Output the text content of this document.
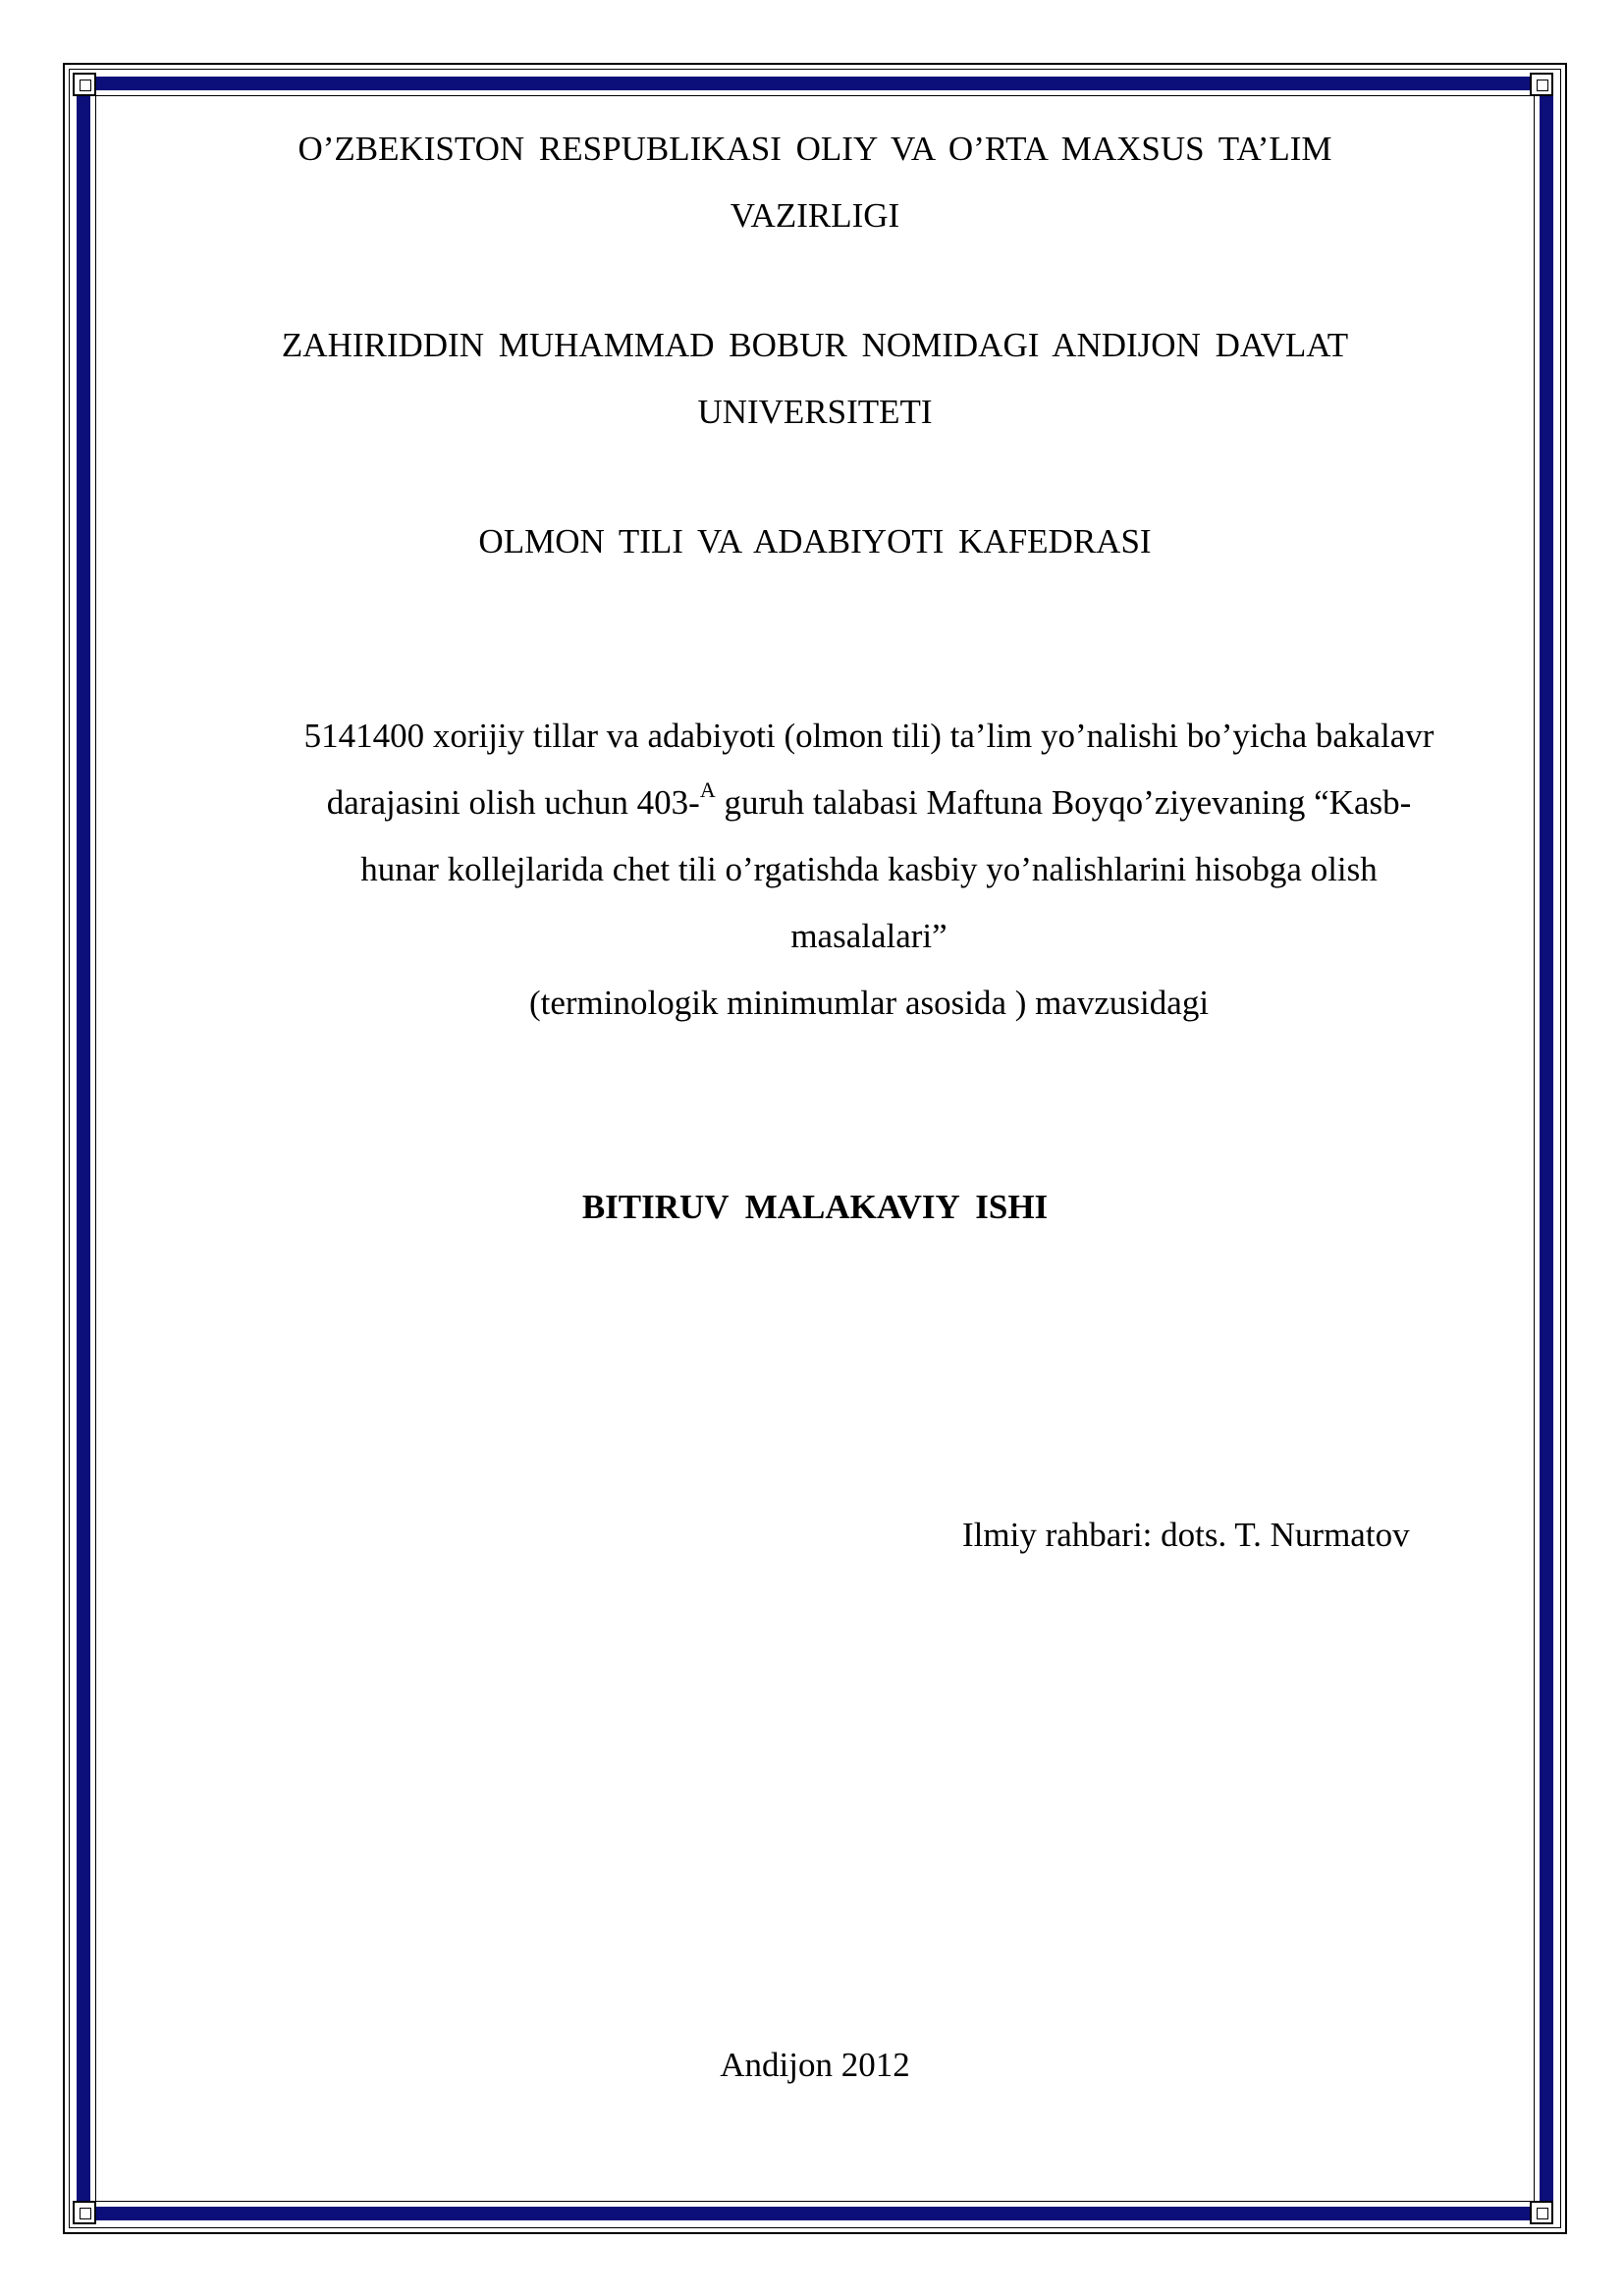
O’ZBEKISTON RESPUBLIKASI OLIY VA O’RTA MAXSUS TA’LIM
VAZIRLIGI
ZAHIRIDDIN MUHAMMAD BOBUR NOMIDAGI ANDIJON DAVLAT
UNIVERSITETI
OLMON TILI VA ADABIYOTI KAFEDRASI
5141400 xorijiy tillar va adabiyoti (olmon tili) ta’lim yo’nalishi bo’yicha bakalavr
darajasini olish uchun 403-$^A$ guruh talabasi Maftuna Boyqo’ziyevaning “Kasb-
hunar kollejlarida chet tili o’rgatishda kasbiy yo’nalishlarini hisobga olish
masalalari”
(terminologik minimumlar asosida ) mavzusidagi
BITIRUV MALAKAVIY ISHI
Ilmiy rahbari: dots. T. Nurmatov
Andijon 2012
